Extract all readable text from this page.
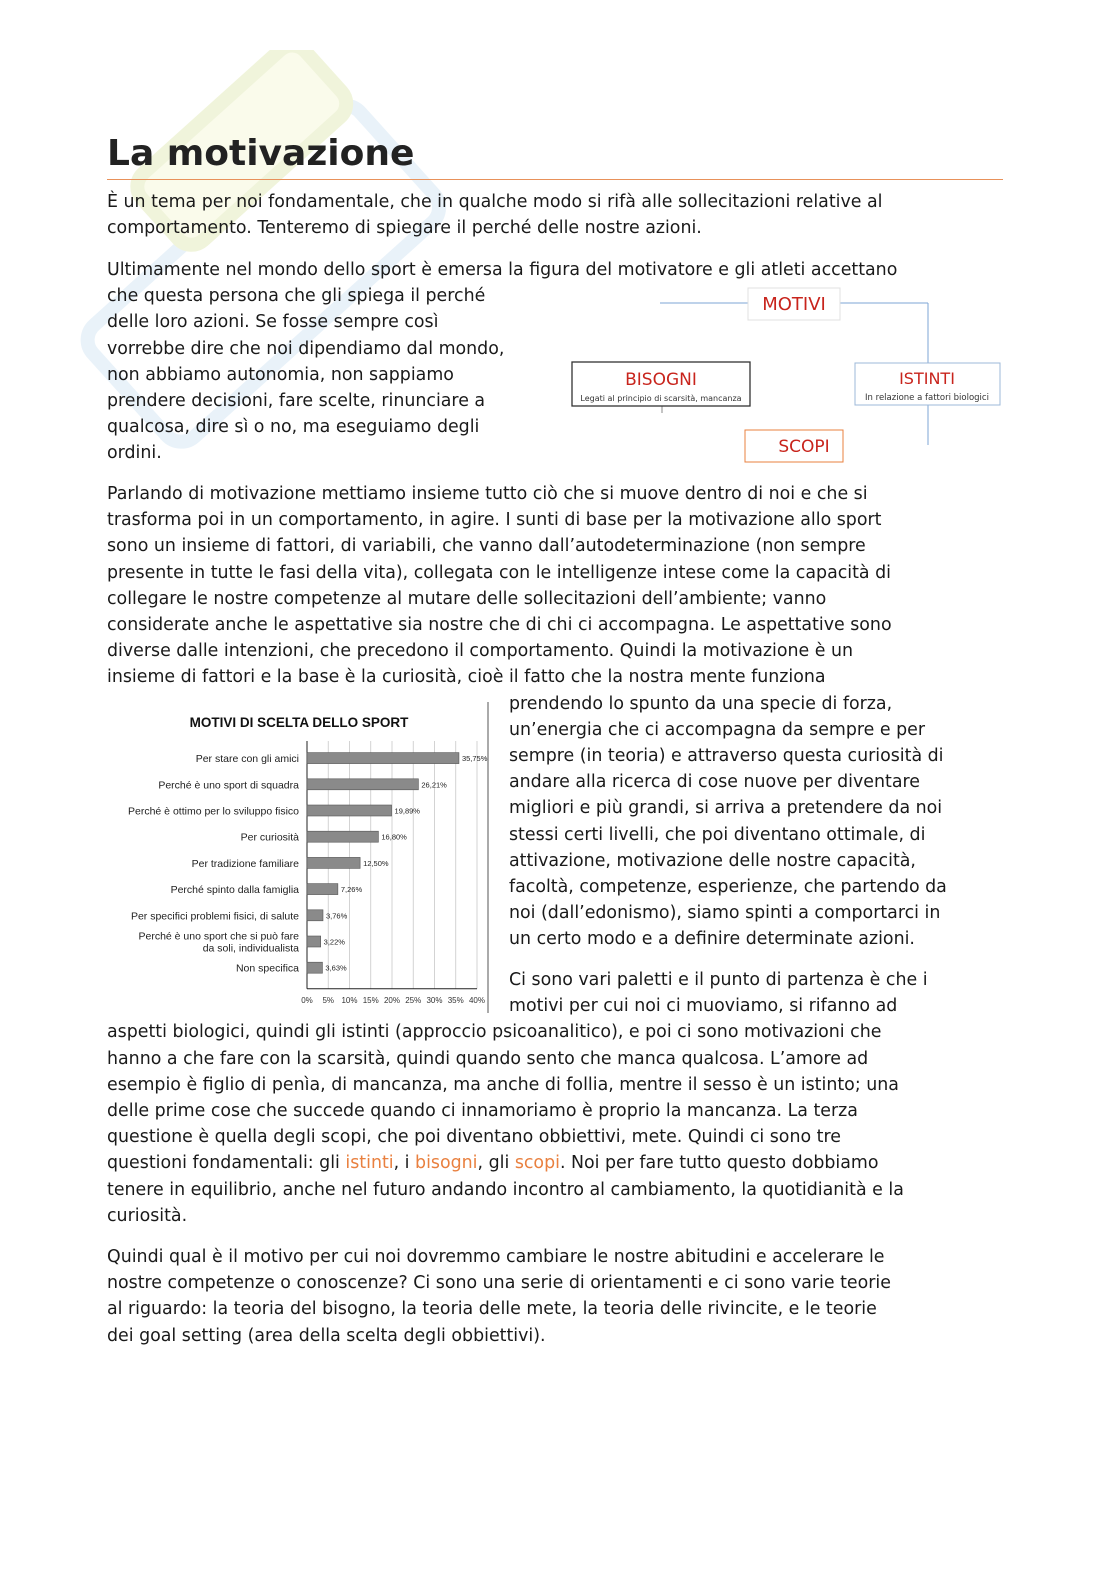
La motivazione

È un tema per noi fondamentale, che in qualche modo si rifà alle sollecitazioni relative al comportamento. Tenteremo di spiegare il perché delle nostre azioni.

Ultimamente nel mondo dello sport è emersa la figura del motivatore e gli atleti accettano
che questa persona che gli spiega il perché
delle loro azioni. Se fosse sempre così
vorrebbe dire che noi dipendiamo dal mondo,
non abbiamo autonomia, non sappiamo
prendere decisioni, fare scelte, rinunciare a
qualcosa, dire sì o no, ma eseguiamo degli
ordini.
MOTIVI
BISOGNI
Legati al principio di scarsità, mancanza
ISTINTI
In relazione a fattori biologici
SCOPI
Parlando di motivazione mettiamo insieme tutto ciò che si muove dentro di noi e che si
trasforma poi in un comportamento, in agire. I sunti di base per la motivazione allo sport
sono un insieme di fattori, di variabili, che vanno dall’autodeterminazione (non sempre
presente in tutte le fasi della vita), collegata con le intelligenze intese come la capacità di
collegare le nostre competenze al mutare delle sollecitazioni dell’ambiente; vanno
considerate anche le aspettative sia nostre che di chi ci accompagna. Le aspettative sono
diverse dalle intenzioni, che precedono il comportamento. Quindi la motivazione è un
insieme di fattori e la base è la curiosità, cioè il fatto che la nostra mente funziona
prendendo lo spunto da una specie di forza,
un’energia che ci accompagna da sempre e per
sempre (in teoria) e attraverso questa curiosità di
andare alla ricerca di cose nuove per diventare
migliori e più grandi, si arriva a pretendere da noi
stessi certi livelli, che poi diventano ottimale, di
attivazione, motivazione delle nostre capacità,
facoltà, competenze, esperienze, che partendo da
noi (dall’edonismo), siamo spinti a comportarci in
un certo modo e a definire determinate azioni.
MOTIVI DI SCELTA DELLO SPORT
0% 5% 10% 15% 20% 25% 30% 35% 40%
35,75%
Per stare con gli amici
26,21%
Perché è uno sport di squadra
19,89%
Perché è ottimo per lo sviluppo fisico
16,80%
Per curiosità
12,50%
Per tradizione familiare
7,26%
Perché spinto dalla famiglia
3,76%
Per specifici problemi fisici, di salute
3,22%
Perché è uno sport che si può fare
da soli, individualista
3,63%
Non specifica
Ci sono vari paletti e il punto di partenza è che i
motivi per cui noi ci muoviamo, si rifanno ad
aspetti biologici, quindi gli istinti (approccio psicoanalitico), e poi ci sono motivazioni che
hanno a che fare con la scarsità, quindi quando sento che manca qualcosa. L’amore ad
esempio è figlio di penìa, di mancanza, ma anche di follia, mentre il sesso è un istinto; una
delle prime cose che succede quando ci innamoriamo è proprio la mancanza. La terza
questione è quella degli scopi, che poi diventano obbiettivi, mete. Quindi ci sono tre
questioni fondamentali: gli istinti, i bisogni, gli scopi. Noi per fare tutto questo dobbiamo
tenere in equilibrio, anche nel futuro andando incontro al cambiamento, la quotidianità e la
curiosità.
Quindi qual è il motivo per cui noi dovremmo cambiare le nostre abitudini e accelerare le
nostre competenze o conoscenze? Ci sono una serie di orientamenti e ci sono varie teorie
al riguardo: la teoria del bisogno, la teoria delle mete, la teoria delle rivincite, e le teorie
dei goal setting (area della scelta degli obbiettivi).
